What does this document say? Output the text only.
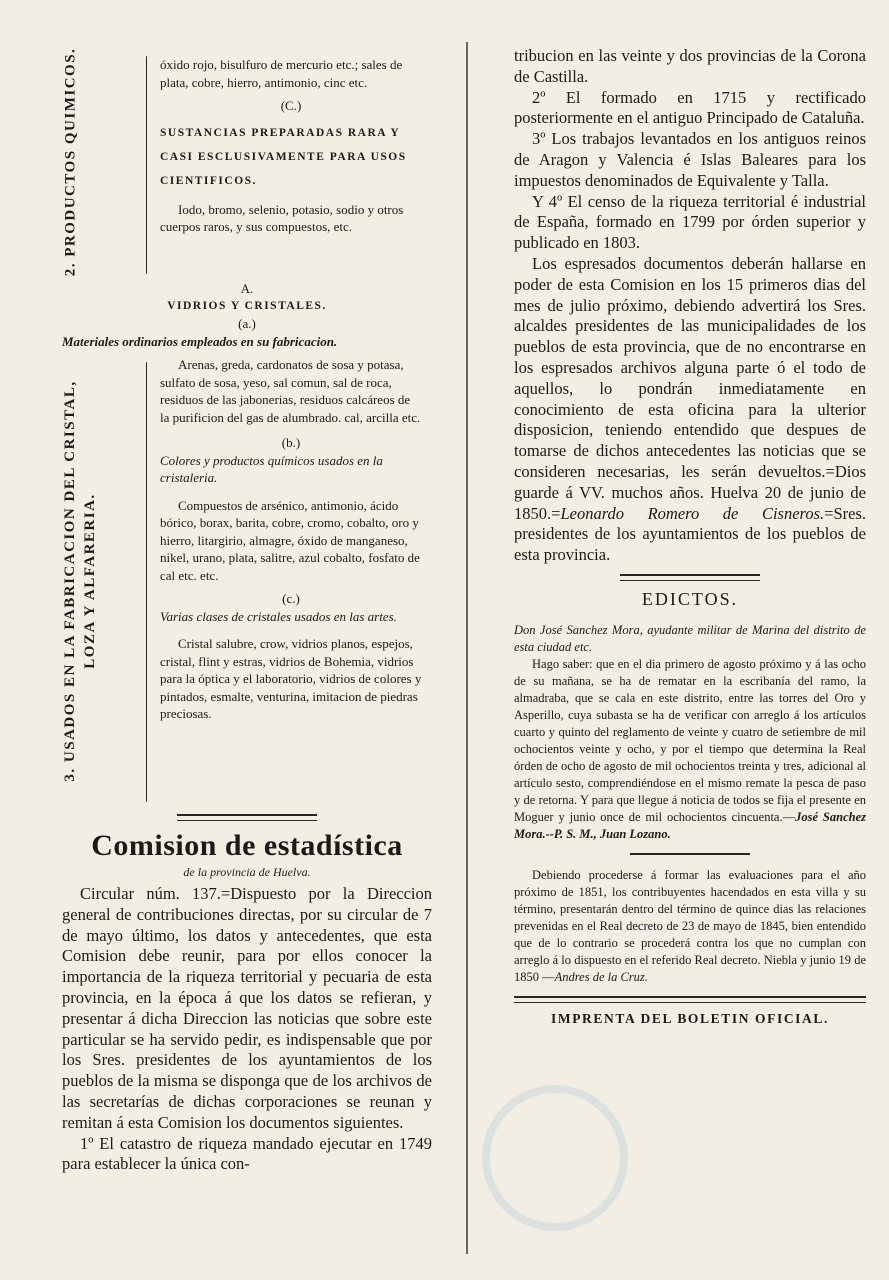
2. PRODUCTOS QUIMICOS.	óxido rojo, bisulfuro de mercurio etc.; sales de plata, cobre, hierro, antimonio, cinc etc.

(C.)

SUSTANCIAS PREPARADAS RARA Y CASI ESCLUSIVAMENTE PARA USOS CIENTIFICOS.

Iodo, bromo, selenio, potasio, sodio y otros cuerpos raros, y sus compuestos, etc.

A.
VIDRIOS Y CRISTALES.
(a.)
Materiales ordinarios empleados en su fabricacion.
3. USADOS EN LA FABRICACION DEL CRISTAL, LOZA Y ALFARERIA.

Arenas, greda, cardonatos de sosa y potasa, sulfato de sosa, yeso, sal comun, sal de roca, residuos de las jabonerias, residuos calcáreos de la purificion del gas de alumbrado. cal, arcilla etc.

(b.)

Colores y productos químicos usados en la cristaleria.

Compuestos de arsénico, antimonio, ácido bórico, borax, barita, cobre, cromo, cobalto, oro y hierro, litargirio, almagre, óxido de manganeso, nikel, urano, plata, salitre, azul cobalto, fosfato de cal etc. etc.

(c.)

Varias clases de cristales usados en las artes.

Cristal salubre, crow, vidrios planos, espejos, cristal, flint y estras, vidrios de Bohemia, vidrios para la óptica y el laboratorio, vidrios de colores y pintados, esmalte, venturina, imitacion de piedras preciosas.

Comision de estadística
de la provincia de Huelva.

Circular núm. 137.=Dispuesto por la Direccion general de contribuciones directas, por su circular de 7 de mayo último, los datos y antecedentes, que esta Comision debe reunir, para por ellos conocer la importancia de la riqueza territorial y pecuaria de esta provincia, en la época á que los datos se refieran, y presentar á dicha Direccion las noticias que sobre este particular se ha servido pedir, es indispensable que por los Sres. presidentes de los ayuntamientos de los pueblos de la misma se disponga que de los archivos de las secretarías de dichas corporaciones se reunan y remitan á esta Comision los documentos siguientes.

1º El catastro de riqueza mandado ejecutar en 1749 para establecer la única con-

tribucion en las veinte y dos provincias de la Corona de Castilla.

2º El formado en 1715 y rectificado posteriormente en el antiguo Principado de Cataluña.

3º Los trabajos levantados en los antiguos reinos de Aragon y Valencia é Islas Baleares para los impuestos denominados de Equivalente y Talla.

Y 4º El censo de la riqueza territorial é industrial de España, formado en 1799 por órden superior y publicado en 1803.

Los espresados documentos deberán hallarse en poder de esta Comision en los 15 primeros dias del mes de julio próximo, debiendo advertirá los Sres. alcaldes presidentes de las municipalidades de los pueblos de esta provincia, que de no encontrarse en los espresados archivos alguna parte ó el todo de aquellos, lo pondrán inmediatamente en conocimiento de esta oficina para la ulterior disposicion, teniendo entendido que despues de tomarse de dichos antecedentes las noticias que se consideren necesarias, les serán devueltos.=Dios guarde á VV. muchos años. Huelva 20 de junio de 1850.=Leonardo Romero de Cisneros.=Sres. presidentes de los ayuntamientos de los pueblos de esta provincia.

EDICTOS.

Don José Sanchez Mora, ayudante militar de Marina del distrito de esta ciudad etc.

Hago saber: que en el dia primero de agosto próximo y á las ocho de su mañana, se ha de rematar en la escribanía del ramo, la almadraba, que se cala en este distrito, entre las torres del Oro y Asperillo, cuya subasta se ha de verificar con arreglo á los artículos cuarto y quinto del reglamento de veinte y cuatro de setiembre de mil ochocientos veinte y ocho, y por el tiempo que determina la Real órden de ocho de agosto de mil ochocientos treinta y tres, adicional al artículo sesto, comprendiéndose en el mismo remate la pesca de paso y de retorna. Y para que llegue á noticia de todos se fija el presente en Moguer y junio once de mil ochocientos cincuenta.—José Sanchez Mora.--P. S. M., Juan Lozano.

Debiendo procederse á formar las evaluaciones para el año próximo de 1851, los contribuyentes hacendados en esta villa y su término, presentarán dentro del término de quince dias las relaciones prevenidas en el Real decreto de 23 de mayo de 1845, bien entendido que de lo contrario se procederá contra los que no cumplan con arreglo á lo dispuesto en el referido Real decreto. Niebla y junio 19 de 1850 —Andres de la Cruz.

IMPRENTA DEL BOLETIN OFICIAL.
